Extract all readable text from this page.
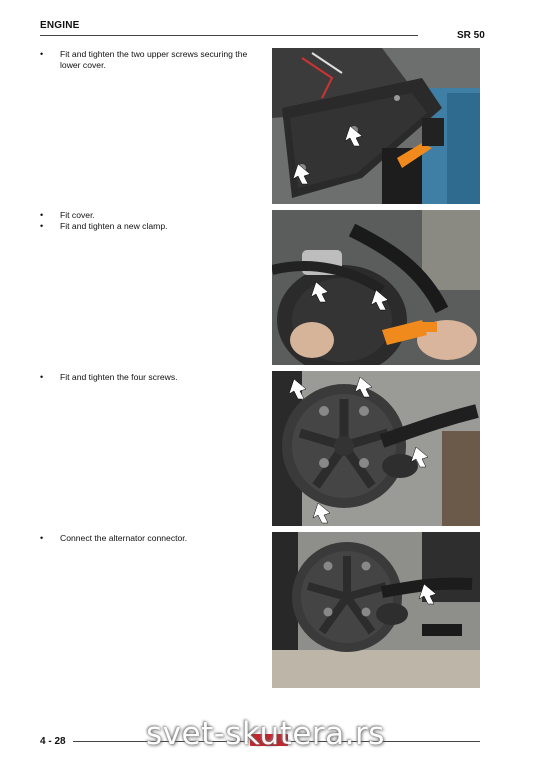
ENGINE
SR 50
• Fit and tighten the two upper screws securing the lower cover.
• Fit cover.
• Fit and tighten a new clamp.
• Fit and tighten the four screws.
• Connect the alternator connector.
4 - 28	svet-skutera.rs
